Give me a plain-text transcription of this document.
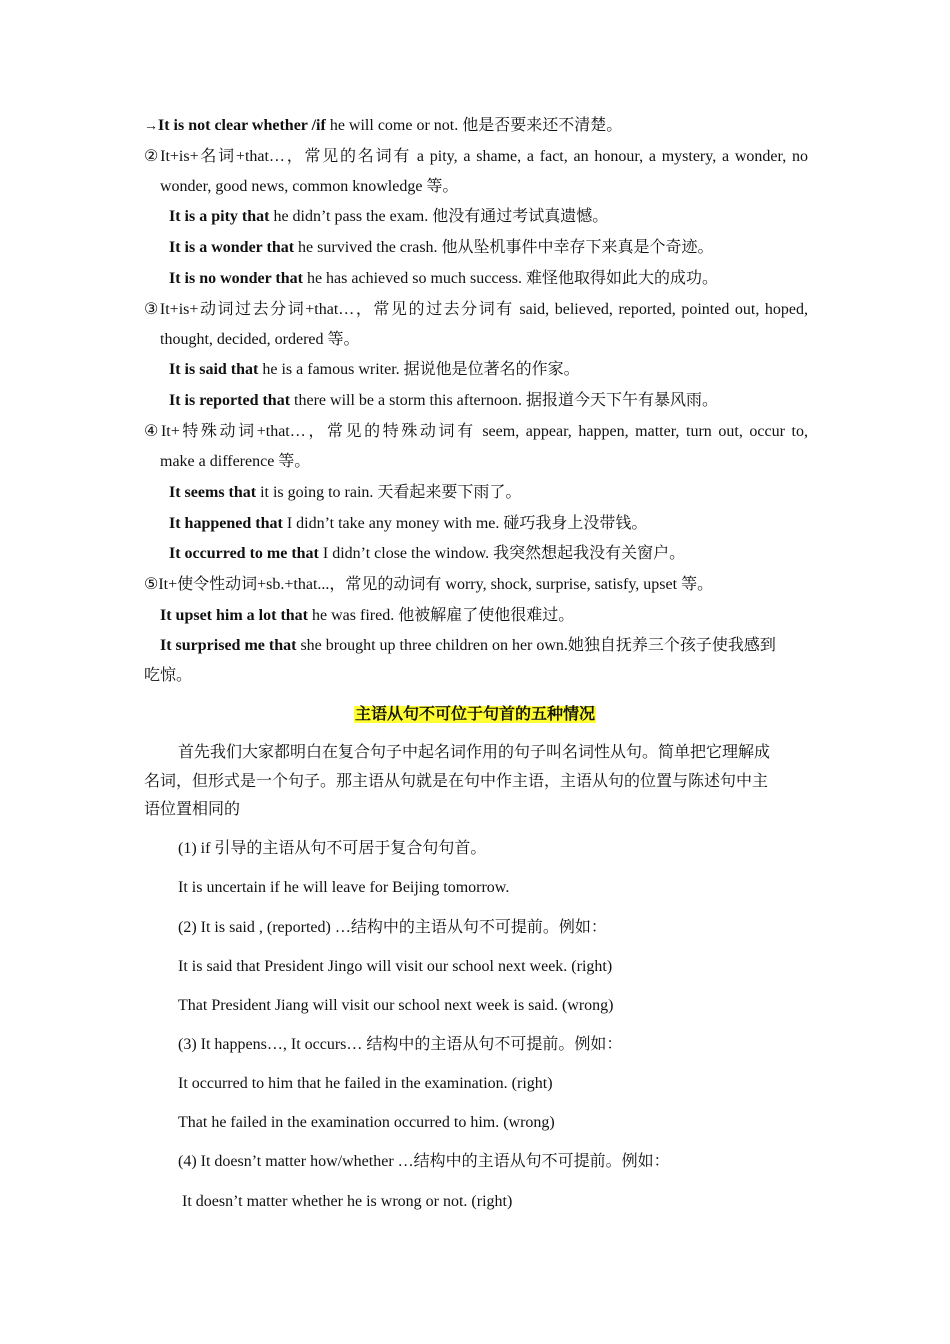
→It is not clear whether /if he will come or not. 他是否要来还不清楚。
②It+is+名词+that…，常见的名词有 a pity, a shame, a fact, an honour, a mystery, a wonder, no
wonder, good news, common knowledge 等。
It is a pity that he didn’t pass the exam. 他没有通过考试真遗憾。
It is a wonder that he survived the crash. 他从坠机事件中幸存下来真是个奇迹。
It is no wonder that he has achieved so much success. 难怪他取得如此大的成功。
③It+is+动词过去分词+that…，常见的过去分词有 said, believed, reported, pointed out, hoped,
thought, decided, ordered 等。
It is said that he is a famous writer. 据说他是位著名的作家。
It is reported that there will be a storm this afternoon. 据报道今天下午有暴风雨。
④It+特殊动词+that…，常见的特殊动词有 seem, appear, happen, matter, turn out, occur to,
make a difference 等。
It seems that it is going to rain. 天看起来要下雨了。
It happened that I didn’t take any money with me. 碰巧我身上没带钱。
It occurred to me that I didn’t close the window. 我突然想起我没有关窗户。
⑤It+使令性动词+sb.+that...，常见的动词有 worry, shock, surprise, satisfy, upset 等。
It upset him a lot that he was fired. 他被解雇了使他很难过。
It surprised me that she brought up three children on her own.她独自抚养三个孩子使我感到
吃惊。
主语从句不可位于句首的五种情况
首先我们大家都明白在复合句子中起名词作用的句子叫名词性从句。简单把它理解成
名词，但形式是一个句子。那主语从句就是在句中作主语，主语从句的位置与陈述句中主
语位置相同的
(1) if 引导的主语从句不可居于复合句句首。
It is uncertain if he will leave for Beijing tomorrow.
(2) It is said , (reported) …结构中的主语从句不可提前。例如：
It is said that President Jingo will visit our school next week. (right)
That President Jiang will visit our school next week is said. (wrong)
(3) It happens…, It occurs… 结构中的主语从句不可提前。例如：
It occurred to him that he failed in the examination. (right)
That he failed in the examination occurred to him. (wrong)
(4) It doesn’t matter how/whether …结构中的主语从句不可提前。例如：
It doesn’t matter whether he is wrong or not. (right)
